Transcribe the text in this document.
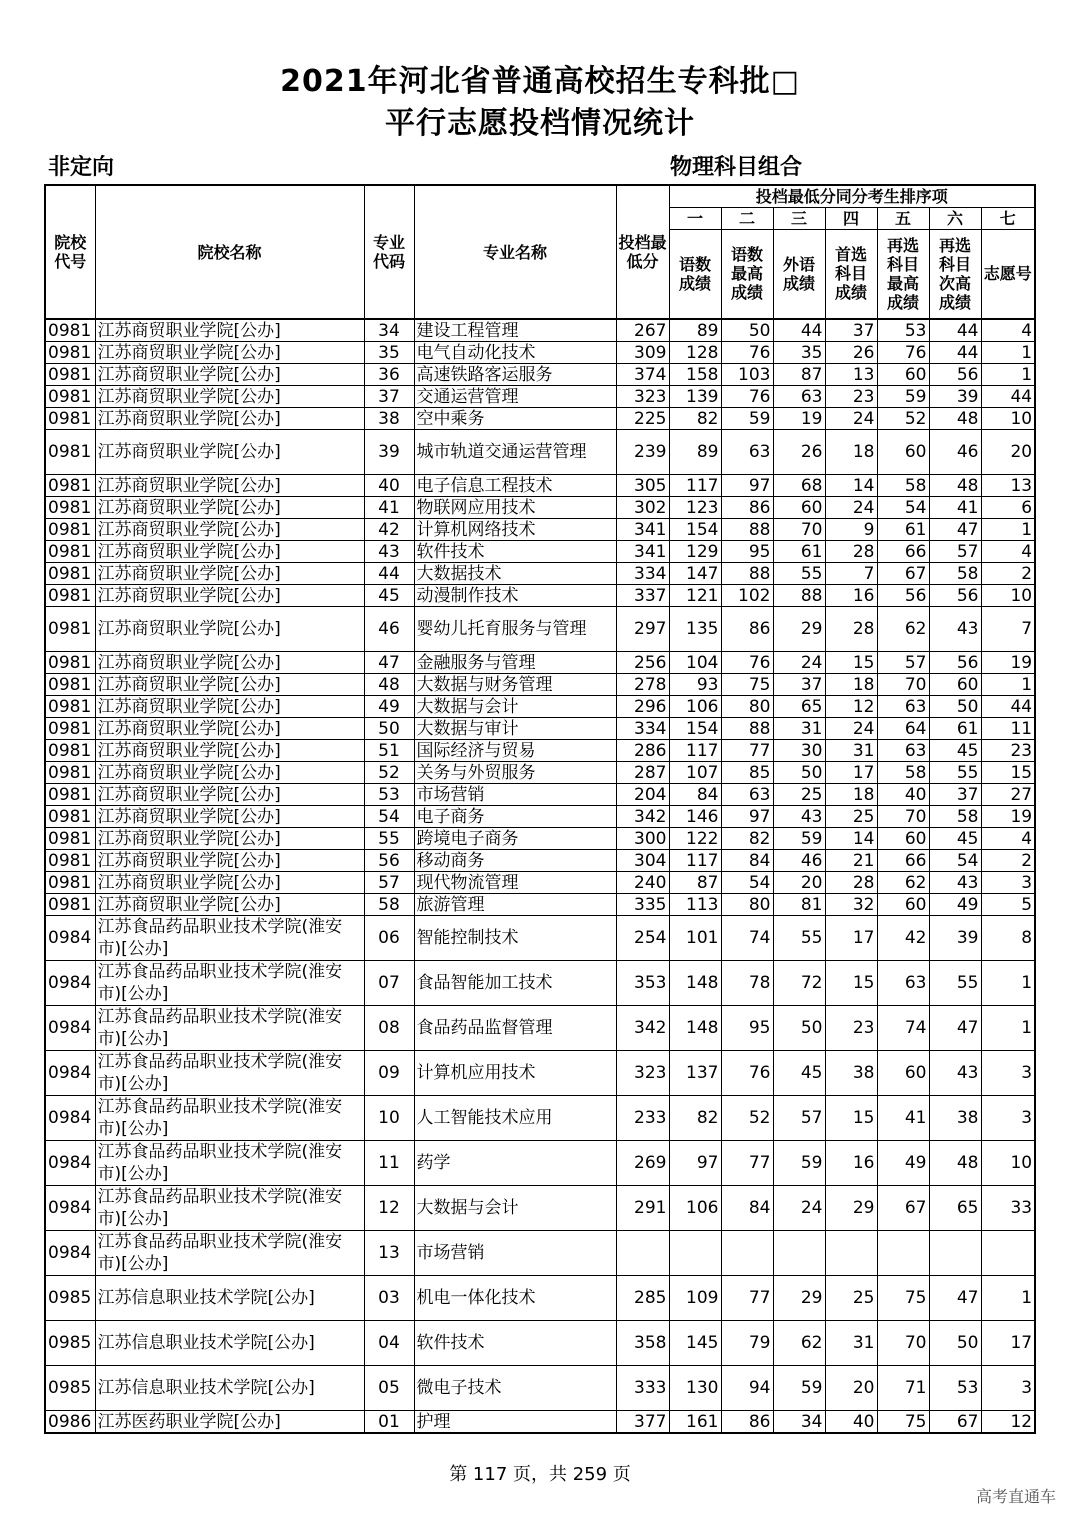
2021年河北省普通高校招生专科批□
平行志愿投档情况统计
非定向	物理科目组合
院校代号	院校名称	专业代码	专业名称	投档最低分	投档最低分同分考生排序项						
					一	二	三	四	五	六	七
					语数成绩	语数最高成绩	外语成绩	首选科目成绩	再选科目最高成绩	再选科目次高成绩	志愿号
0981	江苏商贸职业学院[公办]	34	建设工程管理	267	89	50	44	37	53	44	4
0981	江苏商贸职业学院[公办]	35	电气自动化技术	309	128	76	35	26	76	44	1
0981	江苏商贸职业学院[公办]	36	高速铁路客运服务	374	158	103	87	13	60	56	1
0981	江苏商贸职业学院[公办]	37	交通运营管理	323	139	76	63	23	59	39	44
0981	江苏商贸职业学院[公办]	38	空中乘务	225	82	59	19	24	52	48	10
0981	江苏商贸职业学院[公办]	39	城市轨道交通运营管理	239	89	63	26	18	60	46	20
0981	江苏商贸职业学院[公办]	40	电子信息工程技术	305	117	97	68	14	58	48	13
0981	江苏商贸职业学院[公办]	41	物联网应用技术	302	123	86	60	24	54	41	6
0981	江苏商贸职业学院[公办]	42	计算机网络技术	341	154	88	70	9	61	47	1
0981	江苏商贸职业学院[公办]	43	软件技术	341	129	95	61	28	66	57	4
0981	江苏商贸职业学院[公办]	44	大数据技术	334	147	88	55	7	67	58	2
0981	江苏商贸职业学院[公办]	45	动漫制作技术	337	121	102	88	16	56	56	10
0981	江苏商贸职业学院[公办]	46	婴幼儿托育服务与管理	297	135	86	29	28	62	43	7
0981	江苏商贸职业学院[公办]	47	金融服务与管理	256	104	76	24	15	57	56	19
0981	江苏商贸职业学院[公办]	48	大数据与财务管理	278	93	75	37	18	70	60	1
0981	江苏商贸职业学院[公办]	49	大数据与会计	296	106	80	65	12	63	50	44
0981	江苏商贸职业学院[公办]	50	大数据与审计	334	154	88	31	24	64	61	11
0981	江苏商贸职业学院[公办]	51	国际经济与贸易	286	117	77	30	31	63	45	23
0981	江苏商贸职业学院[公办]	52	关务与外贸服务	287	107	85	50	17	58	55	15
0981	江苏商贸职业学院[公办]	53	市场营销	204	84	63	25	18	40	37	27
0981	江苏商贸职业学院[公办]	54	电子商务	342	146	97	43	25	70	58	19
0981	江苏商贸职业学院[公办]	55	跨境电子商务	300	122	82	59	14	60	45	4
0981	江苏商贸职业学院[公办]	56	移动商务	304	117	84	46	21	66	54	2
0981	江苏商贸职业学院[公办]	57	现代物流管理	240	87	54	20	28	62	43	3
0981	江苏商贸职业学院[公办]	58	旅游管理	335	113	80	81	32	60	49	5
0984	江苏食品药品职业技术学院(淮安市)[公办]	06	智能控制技术	254	101	74	55	17	42	39	8
0984	江苏食品药品职业技术学院(淮安市)[公办]	07	食品智能加工技术	353	148	78	72	15	63	55	1
0984	江苏食品药品职业技术学院(淮安市)[公办]	08	食品药品监督管理	342	148	95	50	23	74	47	1
0984	江苏食品药品职业技术学院(淮安市)[公办]	09	计算机应用技术	323	137	76	45	38	60	43	3
0984	江苏食品药品职业技术学院(淮安市)[公办]	10	人工智能技术应用	233	82	52	57	15	41	38	3
0984	江苏食品药品职业技术学院(淮安市)[公办]	11	药学	269	97	77	59	16	49	48	10
0984	江苏食品药品职业技术学院(淮安市)[公办]	12	大数据与会计	291	106	84	24	29	67	65	33
0984	江苏食品药品职业技术学院(淮安市)[公办]	13	市场营销								
0985	江苏信息职业技术学院[公办]	03	机电一体化技术	285	109	77	29	25	75	47	1
0985	江苏信息职业技术学院[公办]	04	软件技术	358	145	79	62	31	70	50	17
0985	江苏信息职业技术学院[公办]	05	微电子技术	333	130	94	59	20	71	53	3
0986	江苏医药职业学院[公办]	01	护理	377	161	86	34	40	75	67	12
第 117 页，共 259 页
高考直通车
